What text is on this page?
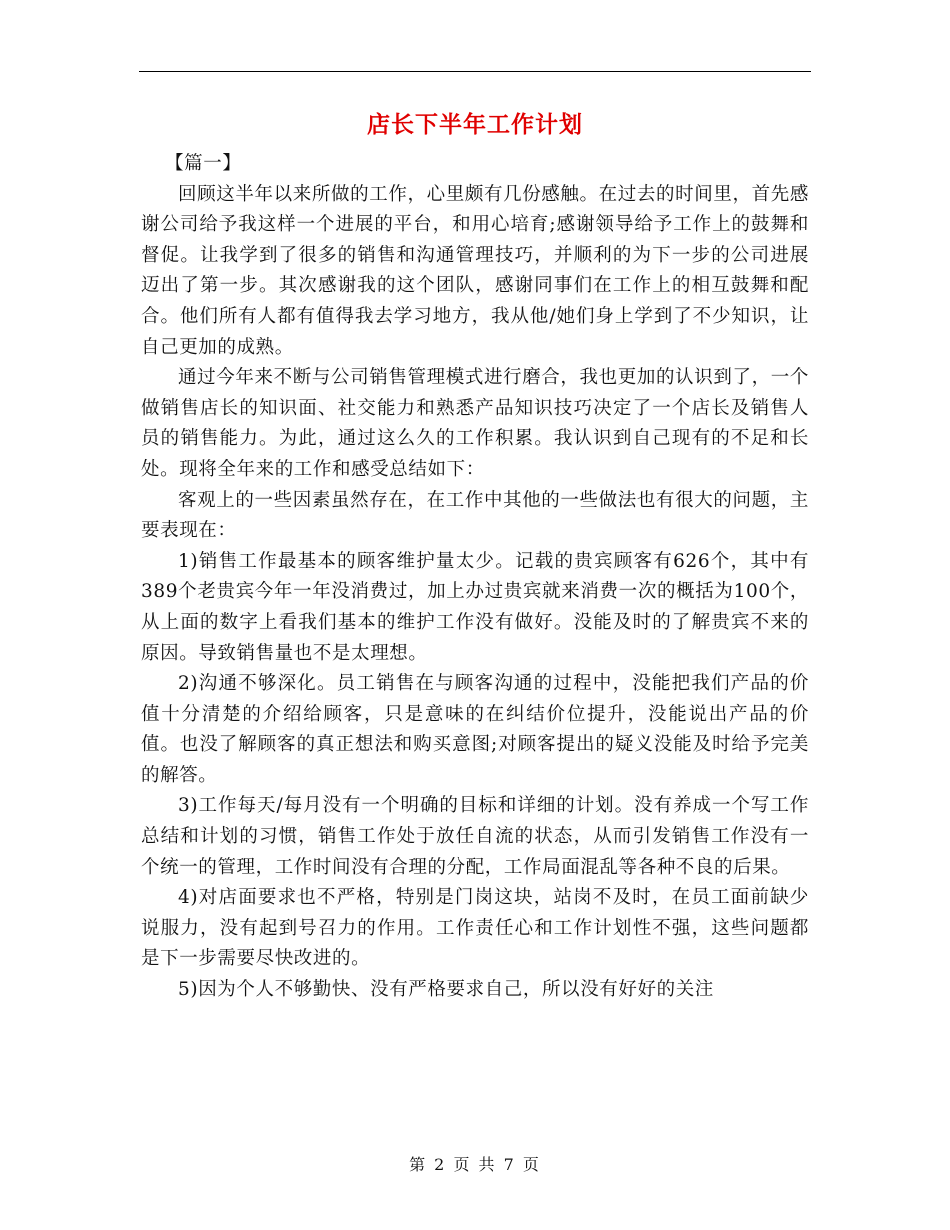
店长下半年工作计划

【篇一】

回顾这半年以来所做的工作，心里颇有几份感触。在过去的时间里，首先感谢公司给予我这样一个进展的平台，和用心培育;感谢领导给予工作上的鼓舞和督促。让我学到了很多的销售和沟通管理技巧，并顺利的为下一步的公司进展迈出了第一步。其次感谢我的这个团队，感谢同事们在工作上的相互鼓舞和配合。他们所有人都有值得我去学习地方，我从他/她们身上学到了不少知识，让自己更加的成熟。

通过今年来不断与公司销售管理模式进行磨合，我也更加的认识到了，一个做销售店长的知识面、社交能力和熟悉产品知识技巧决定了一个店长及销售人员的销售能力。为此，通过这么久的工作积累。我认识到自己现有的不足和长处。现将全年来的工作和感受总结如下：

客观上的一些因素虽然存在，在工作中其他的一些做法也有很大的问题，主要表现在：

1)销售工作最基本的顾客维护量太少。记载的贵宾顾客有626个，其中有389个老贵宾今年一年没消费过，加上办过贵宾就来消费一次的概括为100个，从上面的数字上看我们基本的维护工作没有做好。没能及时的了解贵宾不来的原因。导致销售量也不是太理想。

2)沟通不够深化。员工销售在与顾客沟通的过程中，没能把我们产品的价值十分清楚的介绍给顾客，只是意味的在纠结价位提升，没能说出产品的价值。也没了解顾客的真正想法和购买意图;对顾客提出的疑义没能及时给予完美的解答。

3)工作每天/每月没有一个明确的目标和详细的计划。没有养成一个写工作总结和计划的习惯，销售工作处于放任自流的状态，从而引发销售工作没有一个统一的管理，工作时间没有合理的分配，工作局面混乱等各种不良的后果。

4)对店面要求也不严格，特别是门岗这块，站岗不及时，在员工面前缺少说服力，没有起到号召力的作用。工作责任心和工作计划性不强，这些问题都是下一步需要尽快改进的。

5)因为个人不够勤快、没有严格要求自己，所以没有好好的关注

第 2 页 共 7 页
